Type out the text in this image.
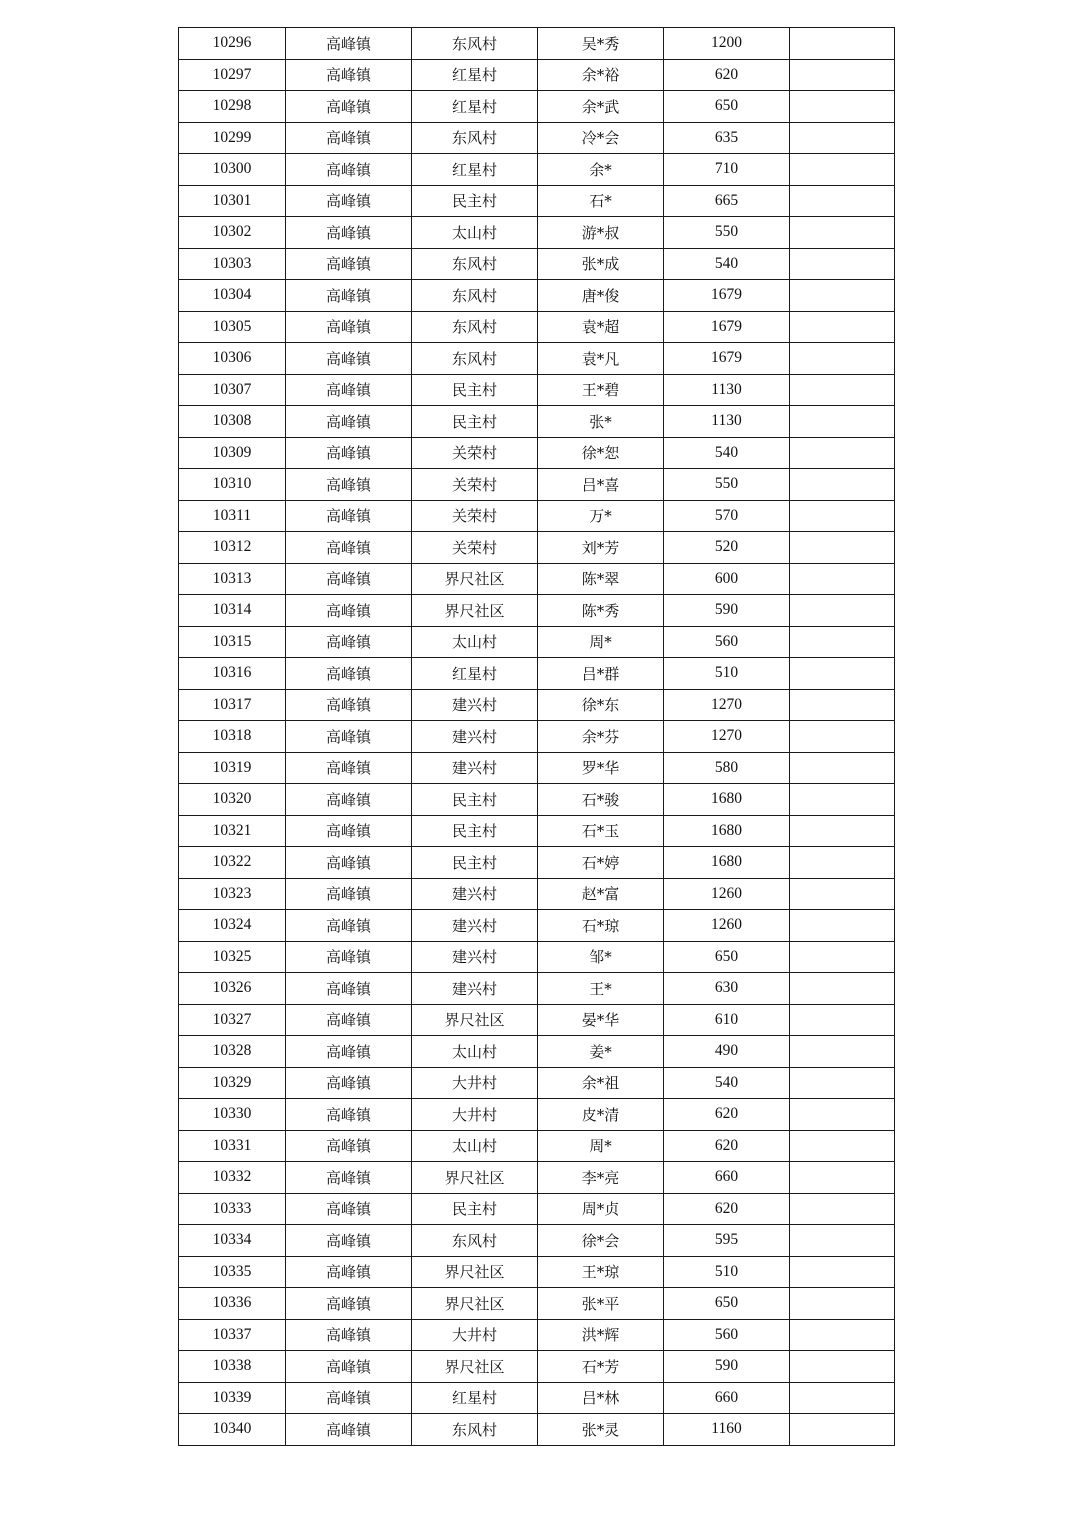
10296	高峰镇	东风村	吴*秀	1200	
10297	高峰镇	红星村	余*裕	620	
10298	高峰镇	红星村	余*武	650	
10299	高峰镇	东风村	冷*会	635	
10300	高峰镇	红星村	余*	710	
10301	高峰镇	民主村	石*	665	
10302	高峰镇	太山村	游*叔	550	
10303	高峰镇	东风村	张*成	540	
10304	高峰镇	东风村	唐*俊	1679	
10305	高峰镇	东风村	袁*超	1679	
10306	高峰镇	东风村	袁*凡	1679	
10307	高峰镇	民主村	王*碧	1130	
10308	高峰镇	民主村	张*	1130	
10309	高峰镇	关荣村	徐*恕	540	
10310	高峰镇	关荣村	吕*喜	550	
10311	高峰镇	关荣村	万*	570	
10312	高峰镇	关荣村	刘*芳	520	
10313	高峰镇	界尺社区	陈*翠	600	
10314	高峰镇	界尺社区	陈*秀	590	
10315	高峰镇	太山村	周*	560	
10316	高峰镇	红星村	吕*群	510	
10317	高峰镇	建兴村	徐*东	1270	
10318	高峰镇	建兴村	余*芬	1270	
10319	高峰镇	建兴村	罗*华	580	
10320	高峰镇	民主村	石*骏	1680	
10321	高峰镇	民主村	石*玉	1680	
10322	高峰镇	民主村	石*婷	1680	
10323	高峰镇	建兴村	赵*富	1260	
10324	高峰镇	建兴村	石*琼	1260	
10325	高峰镇	建兴村	邹*	650	
10326	高峰镇	建兴村	王*	630	
10327	高峰镇	界尺社区	晏*华	610	
10328	高峰镇	太山村	姜*	490	
10329	高峰镇	大井村	余*祖	540	
10330	高峰镇	大井村	皮*清	620	
10331	高峰镇	太山村	周*	620	
10332	高峰镇	界尺社区	李*亮	660	
10333	高峰镇	民主村	周*贞	620	
10334	高峰镇	东风村	徐*会	595	
10335	高峰镇	界尺社区	王*琼	510	
10336	高峰镇	界尺社区	张*平	650	
10337	高峰镇	大井村	洪*辉	560	
10338	高峰镇	界尺社区	石*芳	590	
10339	高峰镇	红星村	吕*林	660	
10340	高峰镇	东风村	张*灵	1160	
